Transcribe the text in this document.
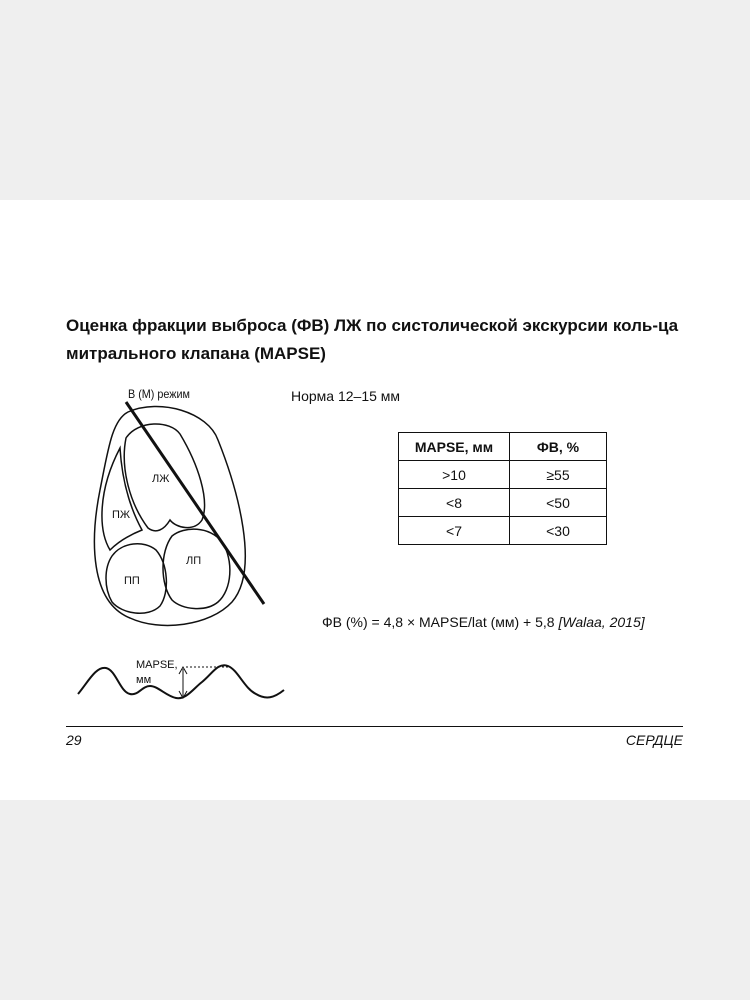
Оценка фракции выброса (ФВ) ЛЖ по систолической экскурсии коль-ца митрального клапана (MAPSE)
В (М) режим
ЛЖ
ПЖ
ПП
ЛП
Норма 12–15 мм
MAPSE, мм	ФВ, %
>10	≥55
<8	<50
<7	<30
ФВ (%) = 4,8 × MAPSE/lat (мм) + 5,8 [Walaa, 2015]
MAPSE,
мм
29	СЕРДЦЕ
